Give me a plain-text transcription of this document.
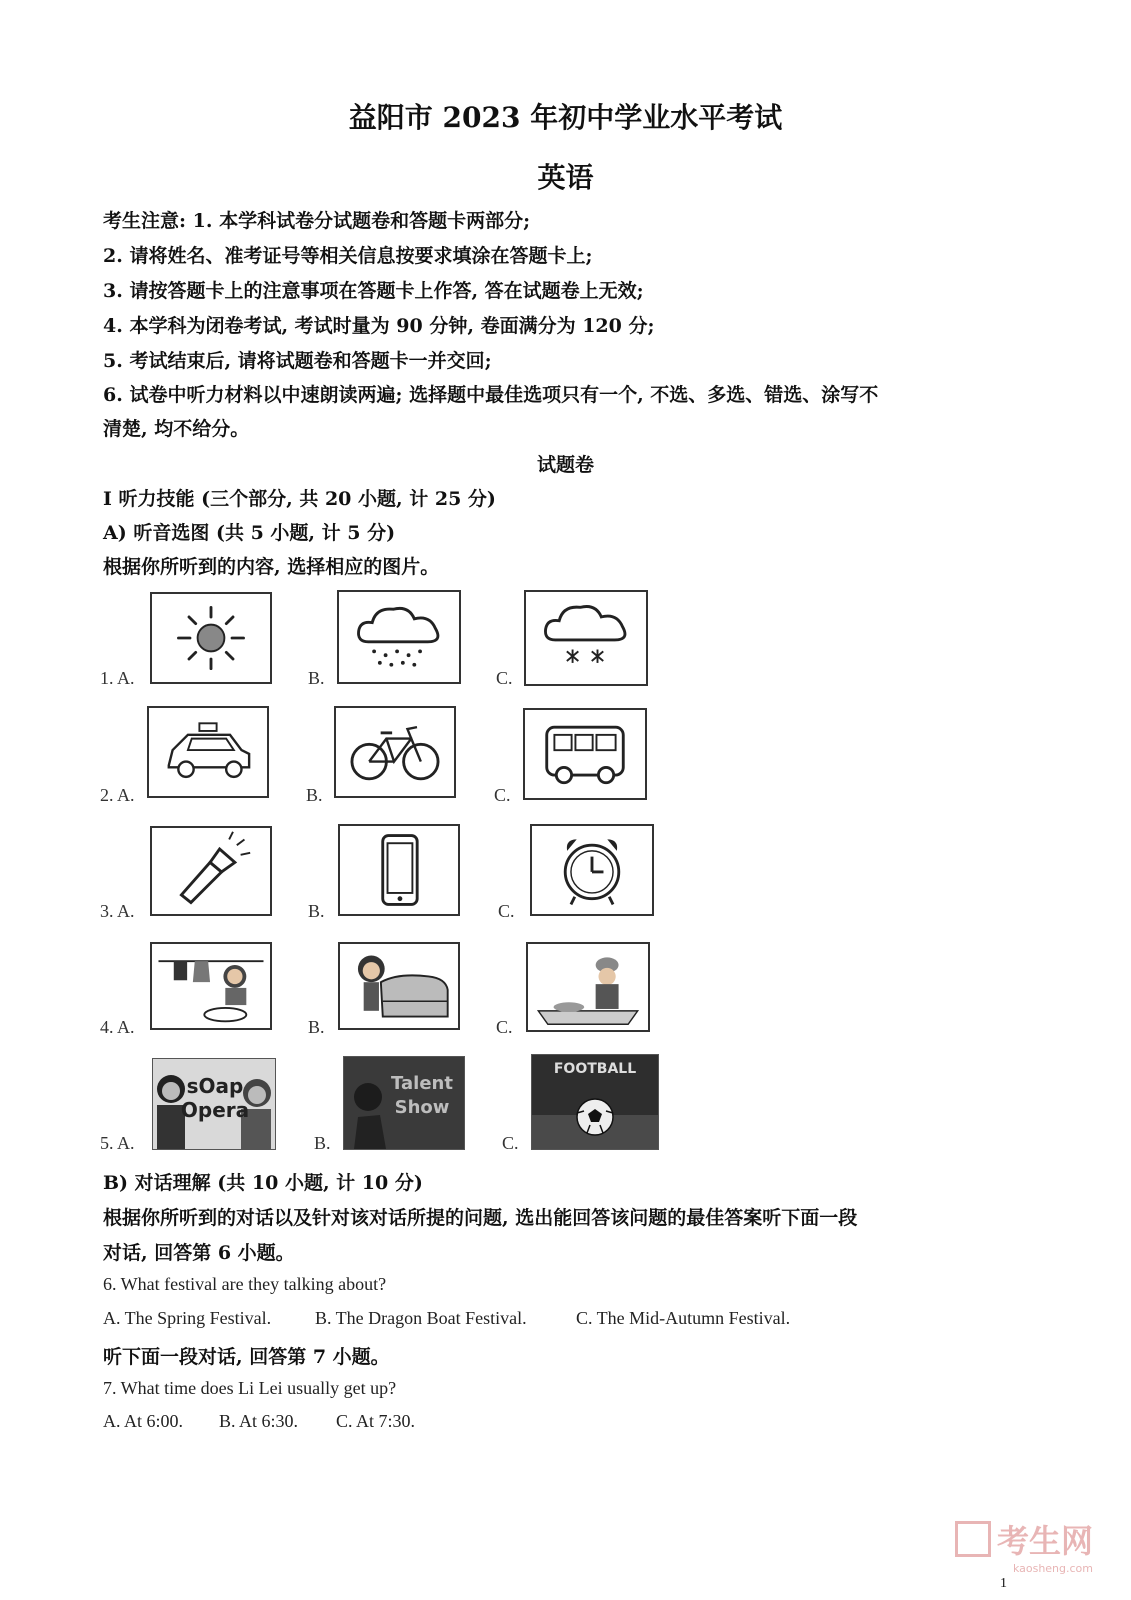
益阳市 2023 年初中学业水平考试
英语
考生注意: 1. 本学科试卷分试题卷和答题卡两部分;
2. 请将姓名、准考证号等相关信息按要求填涂在答题卡上;
3. 请按答题卡上的注意事项在答题卡上作答, 答在试题卷上无效;
4. 本学科为闭卷考试, 考试时量为 90 分钟, 卷面满分为 120 分;
5. 考试结束后, 请将试题卷和答题卡一并交回;
6. 试卷中听力材料以中速朗读两遍; 选择题中最佳选项只有一个, 不选、多选、错选、涂写不
清楚, 均不给分。
试题卷
I 听力技能 (三个部分, 共 20 小题, 计 25 分)
A) 听音选图 (共 5 小题, 计 5 分)
根据你所听到的内容, 选择相应的图片。
1. A.	B.	C.
2. A.	B.	C.
3. A.	B.	C.
4. A.	B.	C.
5. A.
sOap
Opera
B.
Talent
Show
C.
FOOTBALL
B) 对话理解 (共 10 小题, 计 10 分)
根据你所听到的对话以及针对该对话所提的问题, 选出能回答该问题的最佳答案听下面一段
对话, 回答第 6 小题。
6. What festival are they talking about?
A. The Spring Festival. B. The Dragon Boat Festival.	C. The Mid-Autumn Festival.
听下面一段对话, 回答第 7 小题。
7. What time does Li Lei usually get up?
A. At 6:00. B. At 6:30. C. At 7:30.
考生网
kaosheng.com
1
